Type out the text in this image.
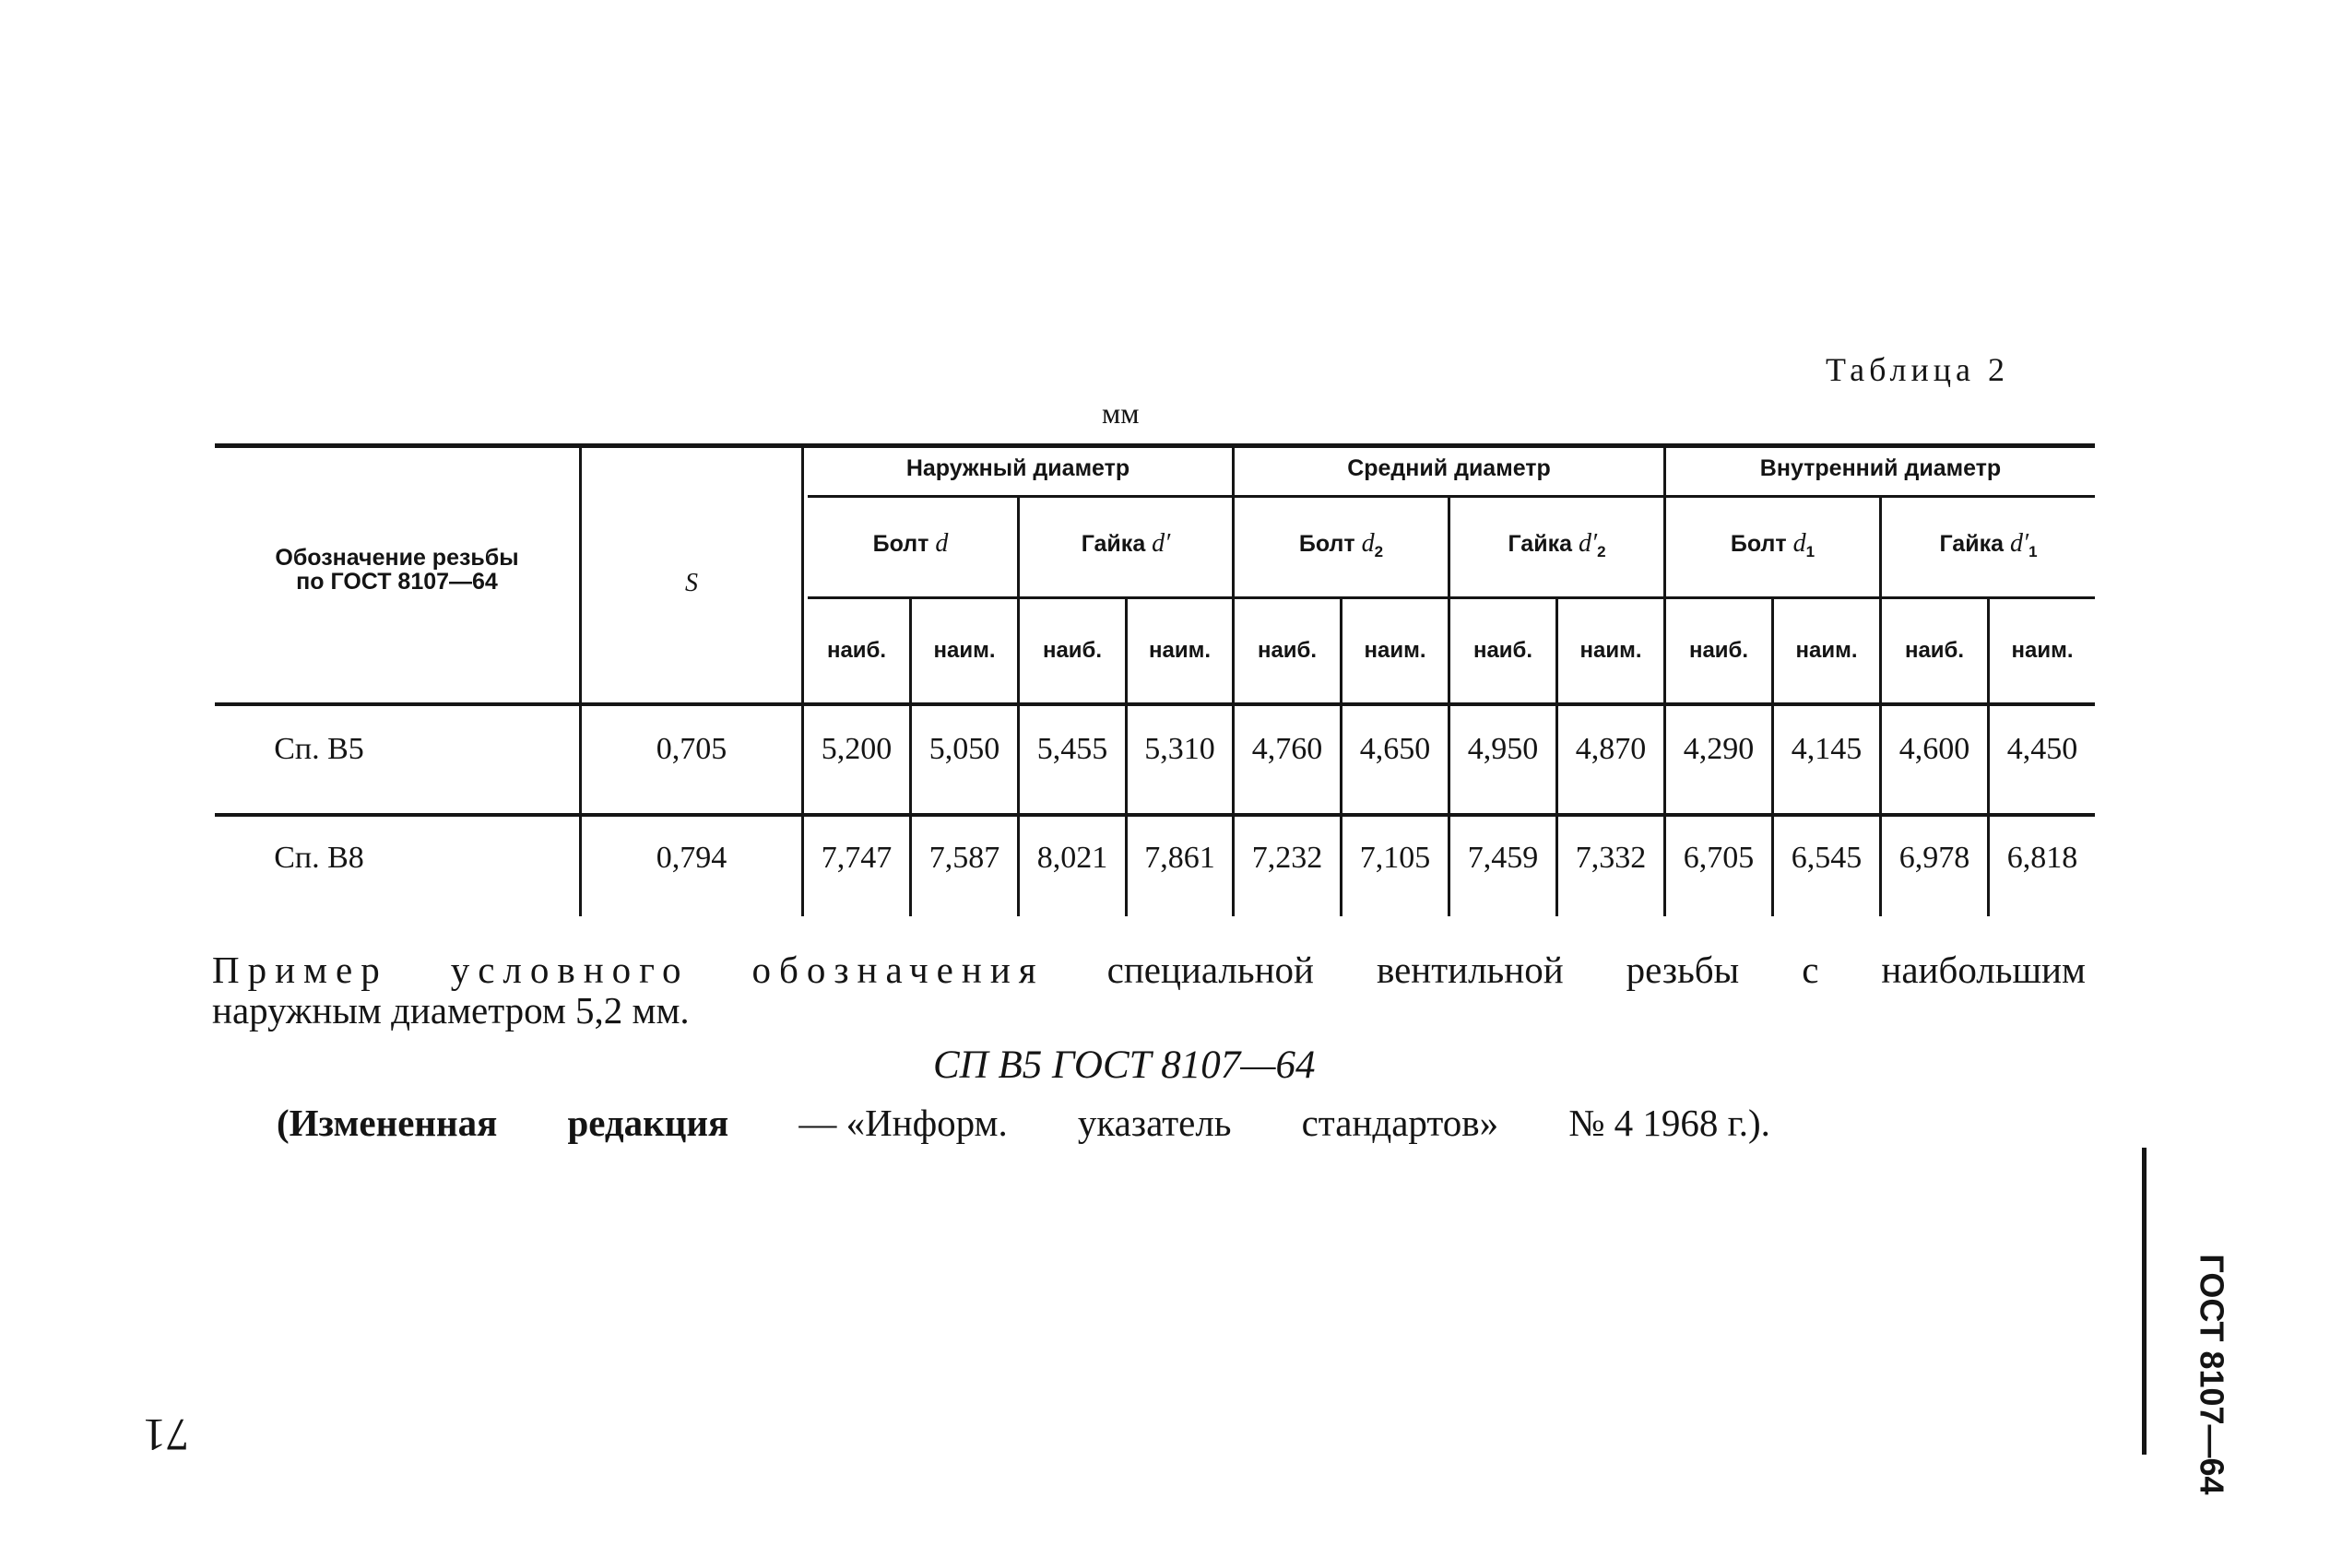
Таблица 2
мм
Обозначение резьбы
по ГОСТ 8107—64	S
Наружный диаметр	Средний диаметр	Внутренний диаметр
Болт d	Гайка d′	Болт $d_2$	Гайка $d'_2$	Болт $d_1$	Гайка $d'_1$
наиб.	наим.	наиб.	наим.	наиб.	наим.	наиб.	наим.	наиб.	наим.	наиб.	наим.
Сп. В5	0,705	5,200	5,050	5,455	5,310	4,760	4,650	4,950	4,870	4,290	4,145	4,600	4,450
Сп. В8	0,794	7,747	7,587	8,021	7,861	7,232	7,105	7,459	7,332	6,705	6,545	6,978	6,818
Пример условного обозначения специальной вентильной резьбы с наибольшим
наружным диаметром 5,2 мм.
СП В5 ГОСТ 8107—64
(Измененная редакция — «Информ. указатель стандартов» № 4 1968 г.).
71	ГОСТ 8107—64
